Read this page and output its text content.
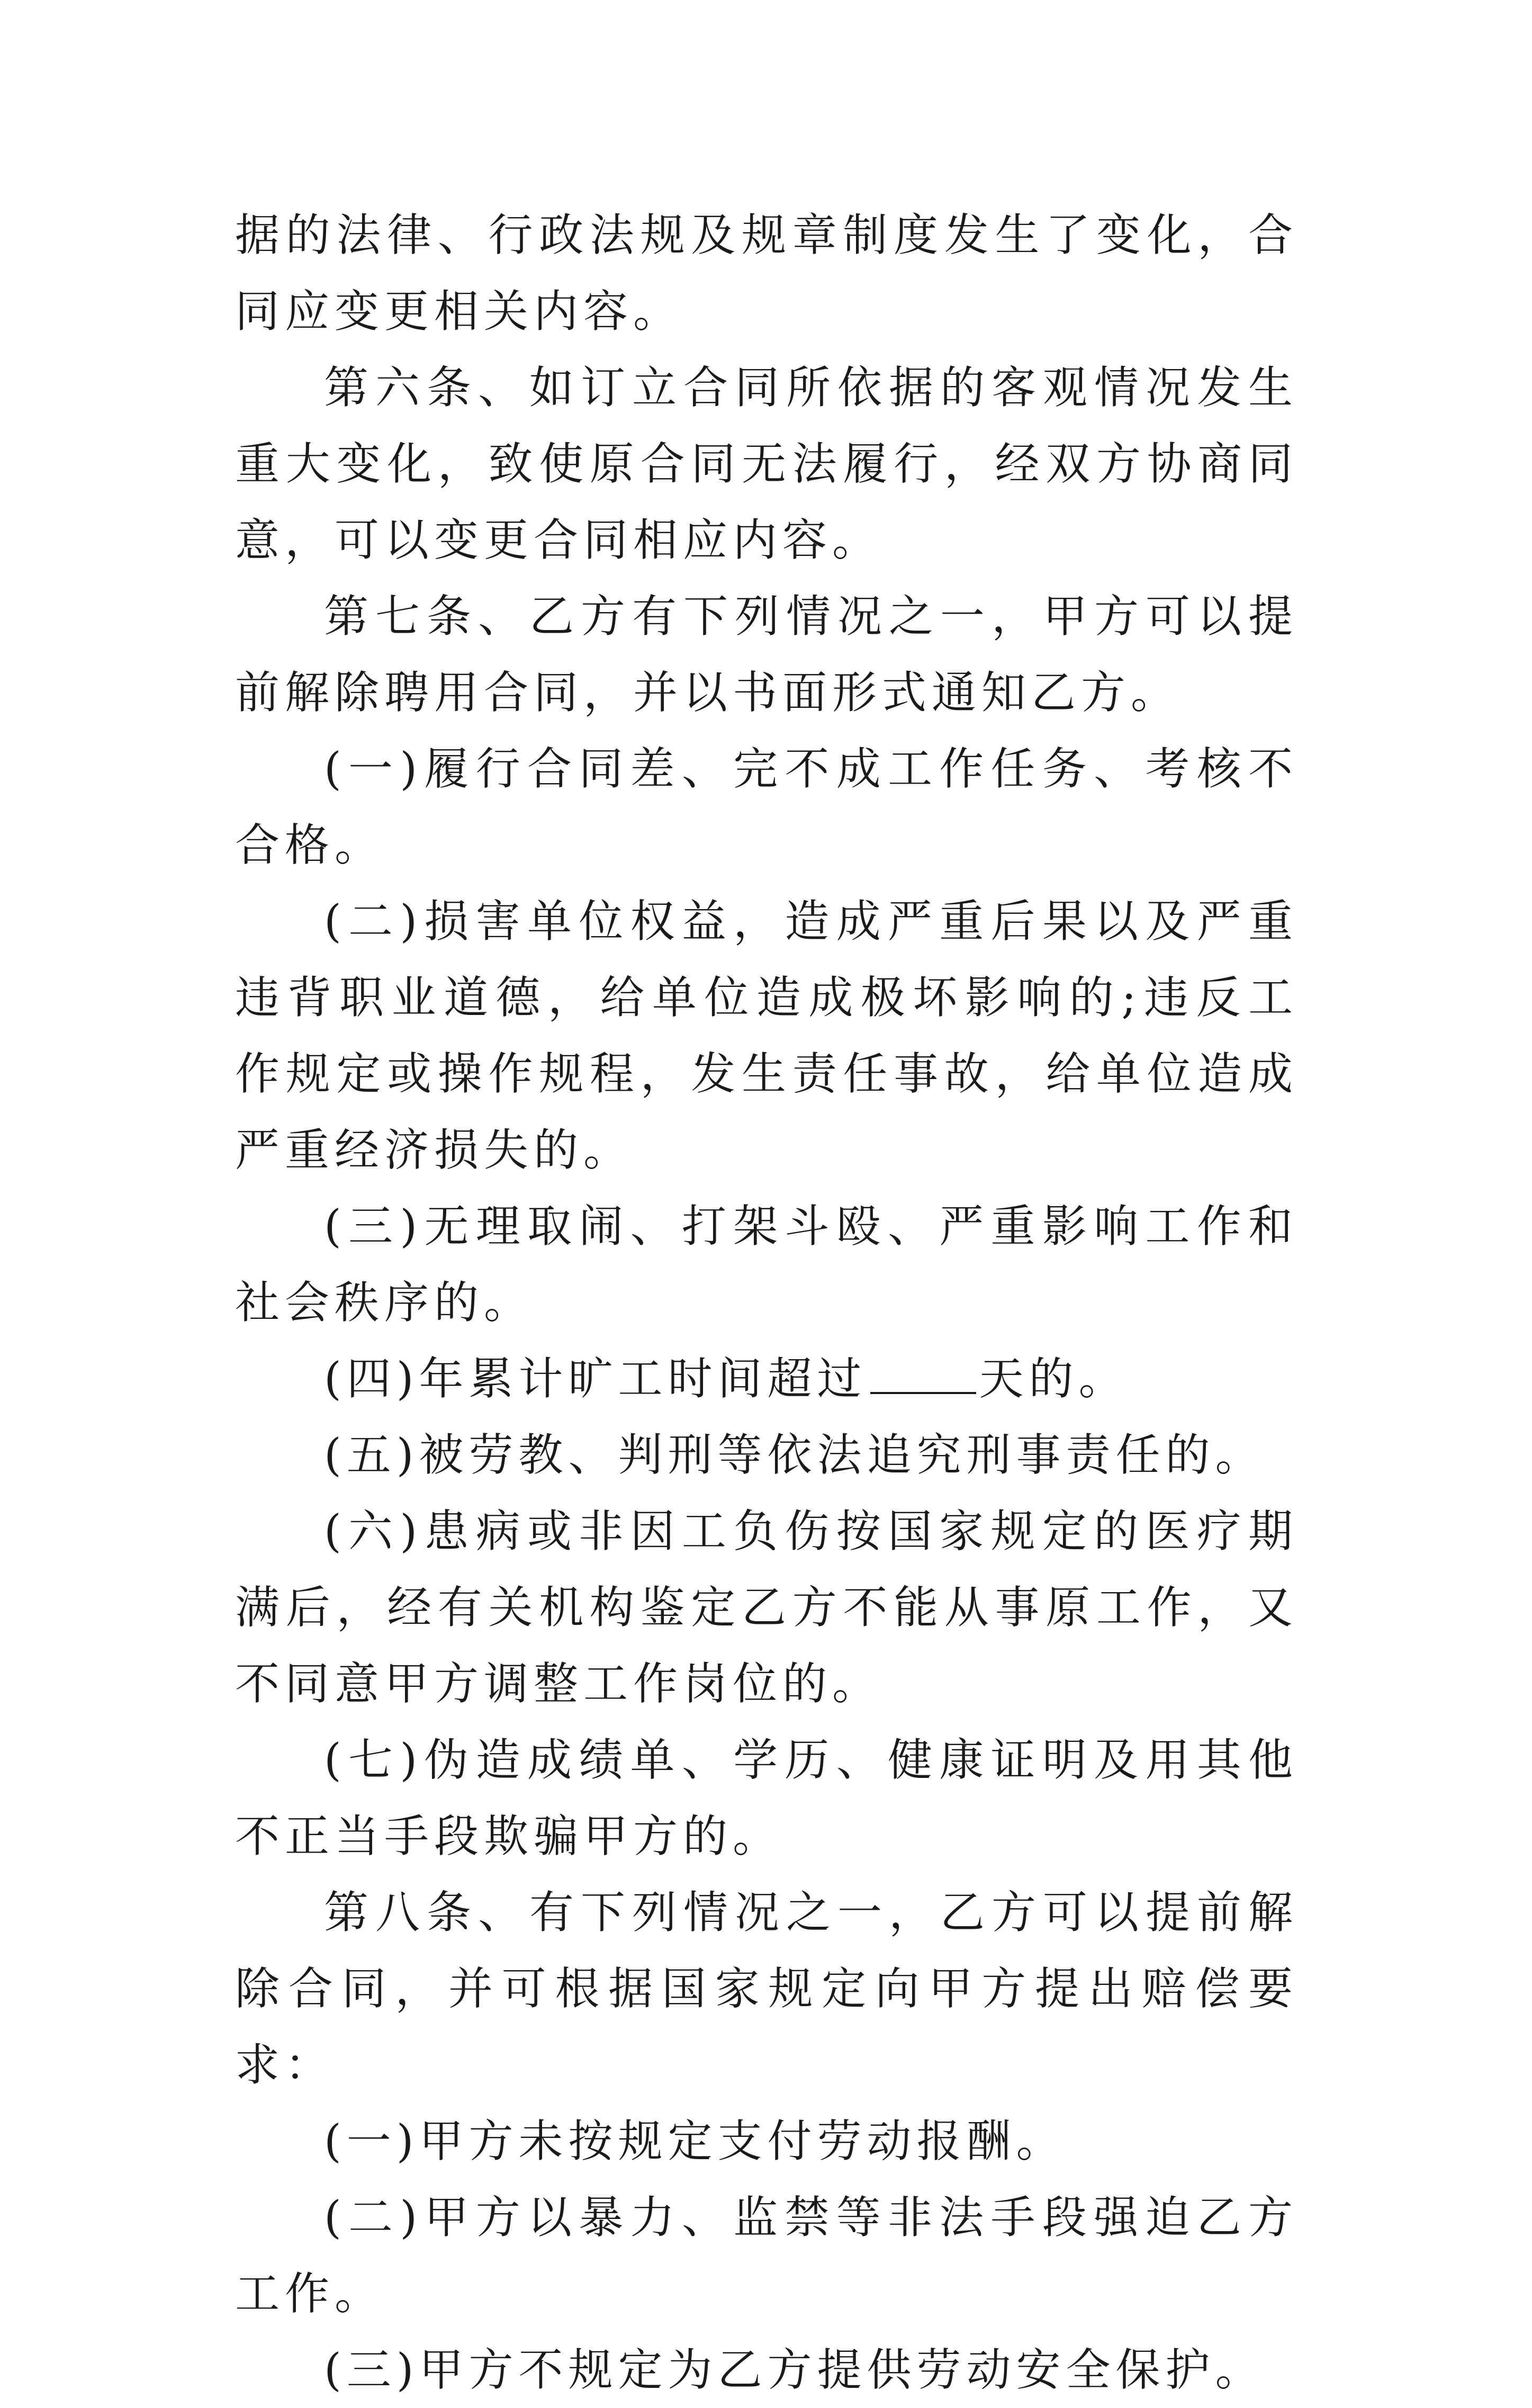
据的法律、行政法规及规章制度发生了变化，合同应变更相关内容。

第六条、如订立合同所依据的客观情况发生重大变化，致使原合同无法履行，经双方协商同意，可以变更合同相应内容。

第七条、乙方有下列情况之一，甲方可以提前解除聘用合同，并以书面形式通知乙方。

(一)履行合同差、完不成工作任务、考核不合格。

(二)损害单位权益，造成严重后果以及严重违背职业道德，给单位造成极坏影响的;违反工作规定或操作规程，发生责任事故，给单位造成严重经济损失的。

(三)无理取闹、打架斗殴、严重影响工作和社会秩序的。

(四)年累计旷工时间超过	天的。

(五)被劳教、判刑等依法追究刑事责任的。

(六)患病或非因工负伤按国家规定的医疗期满后，经有关机构鉴定乙方不能从事原工作，又不同意甲方调整工作岗位的。

(七)伪造成绩单、学历、健康证明及用其他不正当手段欺骗甲方的。

第八条、有下列情况之一，乙方可以提前解除合同，并可根据国家规定向甲方提出赔偿要求：

(一)甲方未按规定支付劳动报酬。

(二)甲方以暴力、监禁等非法手段强迫乙方工作。

(三)甲方不规定为乙方提供劳动安全保护。
